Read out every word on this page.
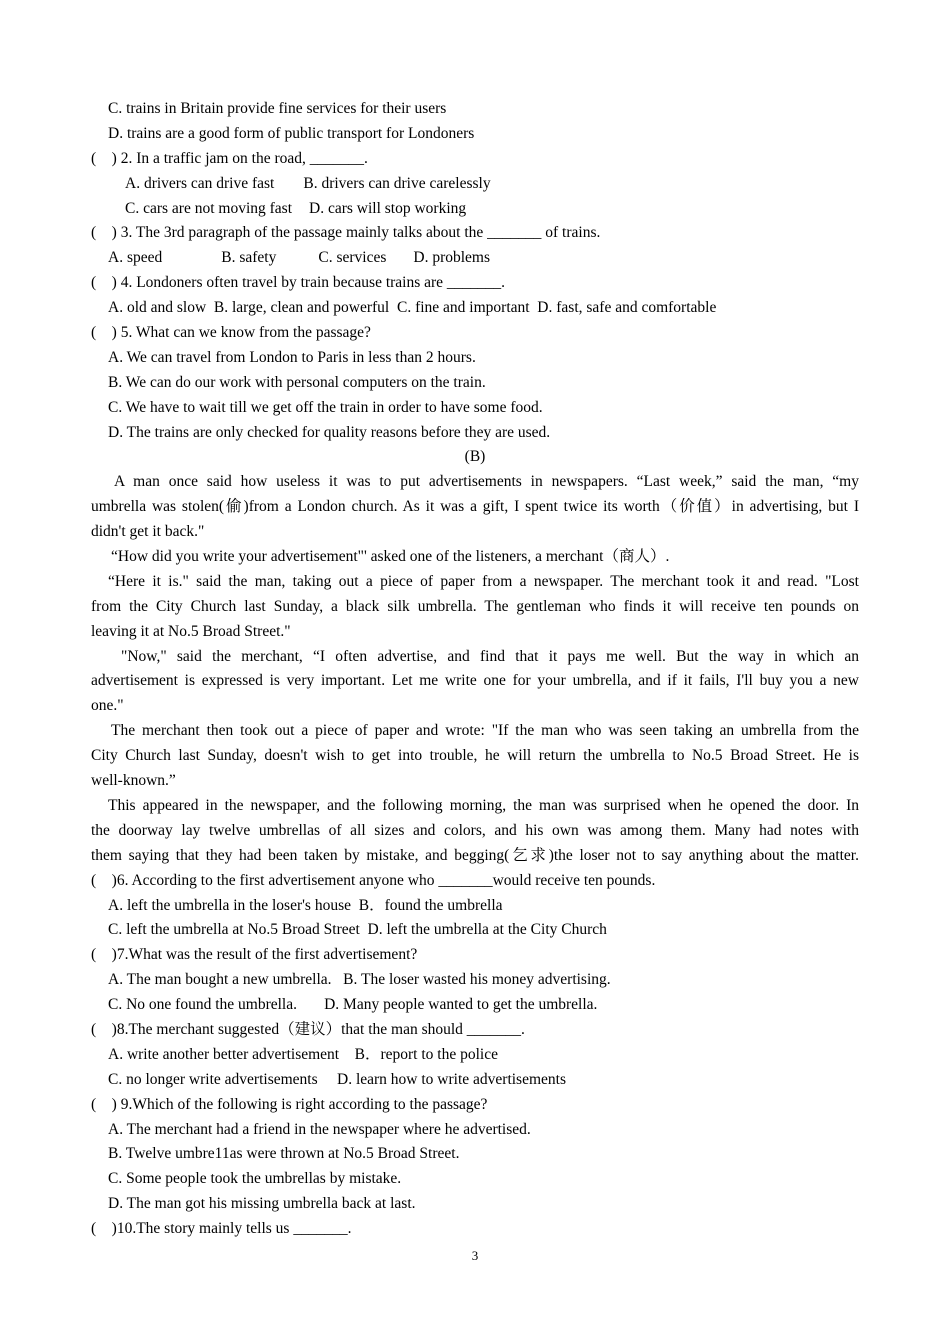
C. trains in Britain provide fine services for their users
D. trains are a good form of public transport for Londoners
(    ) 2. In a traffic jam on the road, _______.
A. drivers can drive fast B. drivers can drive carelessly
C. cars are not moving fast D. cars will stop working
(    ) 3. The 3rd paragraph of the passage mainly talks about the _______ of trains.
A. speed	B. safety	C. services D. problems
(    ) 4. Londoners often travel by train because trains are _______.
A. old and slow  B. large, clean and powerful  C. fine and important  D. fast, safe and comfortable
(    ) 5. What can we know from the passage?
A. We can travel from London to Paris in less than 2 hours.
B. We can do our work with personal computers on the train.
C. We have to wait till we get off the train in order to have some food.
D. The trains are only checked for quality reasons before they are used.
(B)
A man once said how useless it was to put advertisements in newspapers. “Last week,” said the man, “my
umbrella was stolen(偷)from a London church. As it was a gift, I spent twice its worth（价值）in advertising, but I
didn't get it back."
“How did you write your advertisement"' asked one of the listeners, a merchant（商人）.
“Here it is." said the man, taking out a piece of paper from a newspaper. The merchant took it and read. "Lost
from the City Church last Sunday, a black silk umbrella. The gentleman who finds it will receive ten pounds on
leaving it at No.5 Broad Street."
"Now," said the merchant, “I often advertise, and find that it pays me well. But the way in which an
advertisement is expressed is very important. Let me write one for your umbrella, and if it fails, I'll buy you a new
one."
The merchant then took out a piece of paper and wrote: "If the man who was seen taking an umbrella from the
City Church last Sunday, doesn't wish to get into trouble, he will return the umbrella to No.5 Broad Street. He is
well-known.”
This appeared in the newspaper, and the following morning, the man was surprised when he opened the door. In
the doorway lay twelve umbrellas of all sizes and colors, and his own was among them. Many had notes with
them saying that they had been taken by mistake, and begging(乞求)the loser not to say anything about the matter.
(    )6. According to the first advertisement anyone who _______would receive ten pounds.
A. left the umbrella in the loser's house  B．found the umbrella
C. left the umbrella at No.5 Broad Street  D. left the umbrella at the City Church
(    )7.What was the result of the first advertisement?
A. The man bought a new umbrella.   B. The loser wasted his money advertising.
C. No one found the umbrella.       D. Many people wanted to get the umbrella.
(    )8.The merchant suggested（建议）that the man should _______.
A. write another better advertisement    B．report to the police
C. no longer write advertisements     D. learn how to write advertisements
(    ) 9.Which of the following is right according to the passage?
A. The merchant had a friend in the newspaper where he advertised.
B. Twelve umbre11as were thrown at No.5 Broad Street.
C. Some people took the umbrellas by mistake.
D. The man got his missing umbrella back at last.
(    )10.The story mainly tells us _______.
3
